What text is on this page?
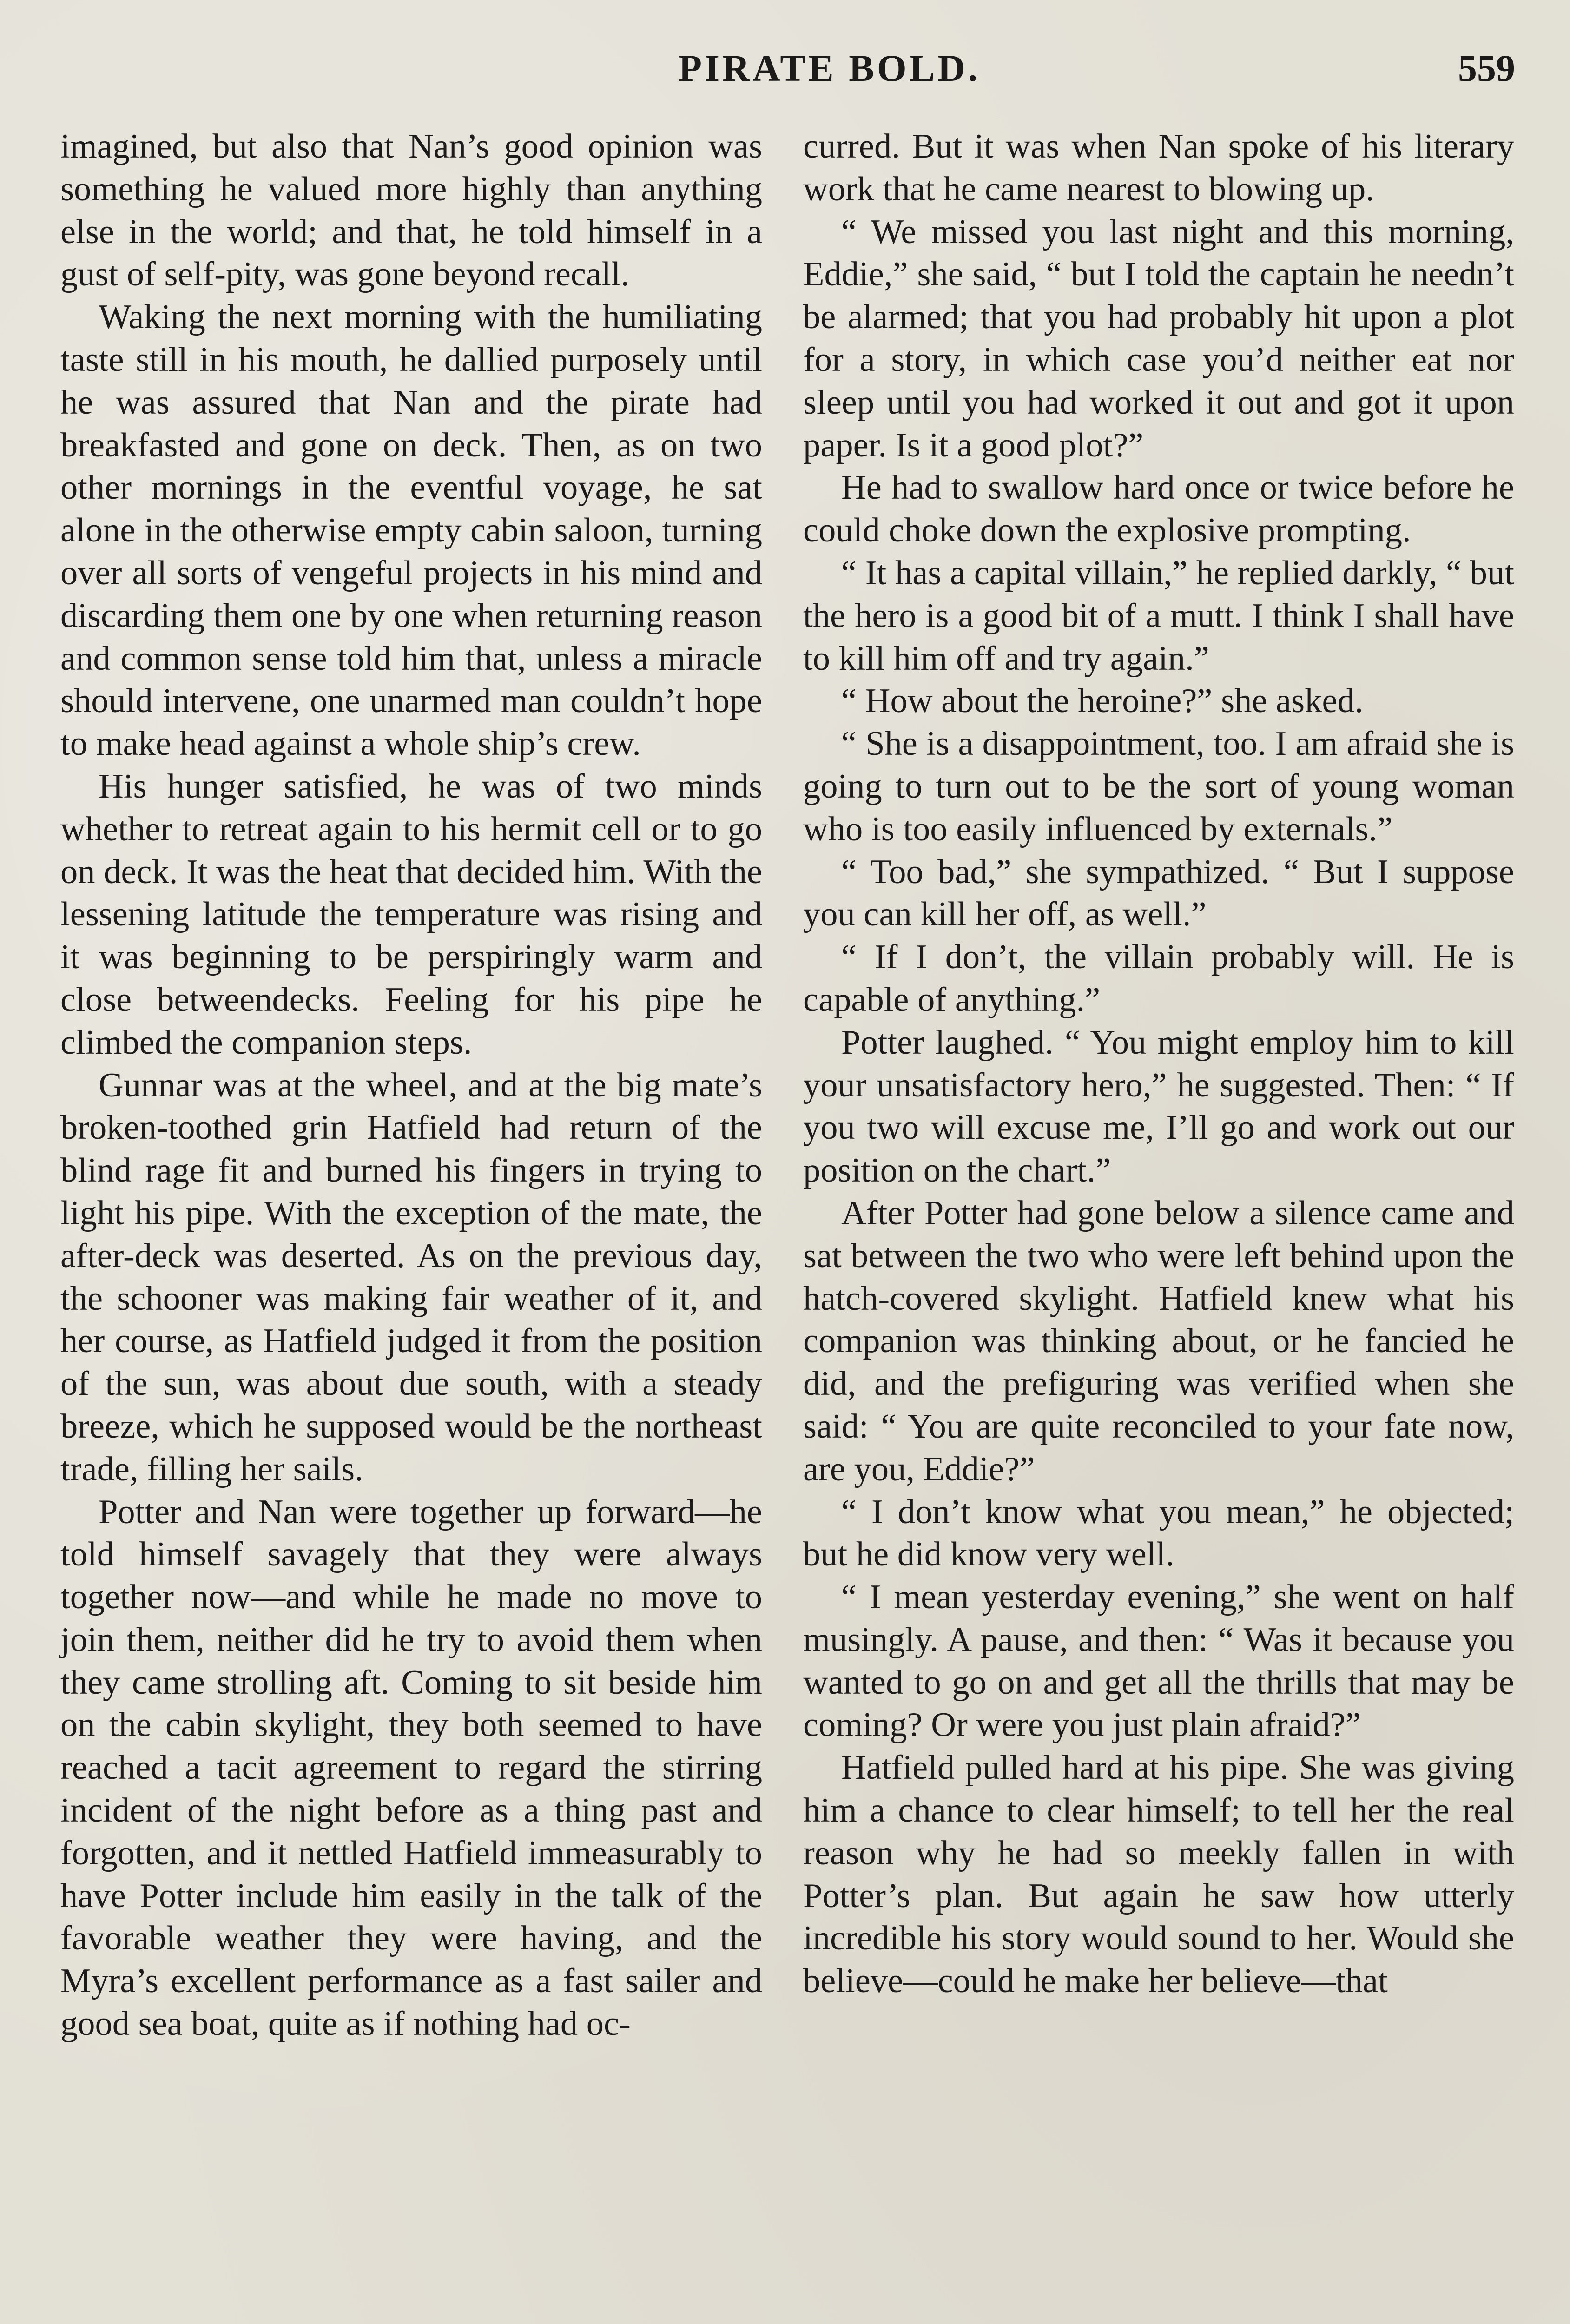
PIRATE BOLD.	559

imagined, but also that Nan’s good opinion was something he valued more highly than anything else in the world; and that, he told himself in a gust of self-pity, was gone beyond recall.

Waking the next morning with the humiliating taste still in his mouth, he dallied purposely until he was assured that Nan and the pirate had breakfasted and gone on deck. Then, as on two other mornings in the eventful voyage, he sat alone in the otherwise empty cabin saloon, turning over all sorts of vengeful projects in his mind and discarding them one by one when returning reason and common sense told him that, unless a miracle should intervene, one unarmed man couldn’t hope to make head against a whole ship’s crew.

His hunger satisfied, he was of two minds whether to retreat again to his hermit cell or to go on deck. It was the heat that decided him. With the lessening latitude the temperature was rising and it was beginning to be perspiringly warm and close betweendecks. Feeling for his pipe he climbed the companion steps.

Gunnar was at the wheel, and at the big mate’s broken-toothed grin Hatfield had return of the blind rage fit and burned his fingers in trying to light his pipe. With the exception of the mate, the after-deck was deserted. As on the previous day, the schooner was making fair weather of it, and her course, as Hatfield judged it from the position of the sun, was about due south, with a steady breeze, which he supposed would be the northeast trade, filling her sails.

Potter and Nan were together up forward—he told himself savagely that they were always together now—and while he made no move to join them, neither did he try to avoid them when they came strolling aft. Coming to sit beside him on the cabin skylight, they both seemed to have reached a tacit agreement to regard the stirring incident of the night before as a thing past and forgotten, and it nettled Hatfield immeasurably to have Potter include him easily in the talk of the favorable weather they were having, and the Myra’s excellent performance as a fast sailer and good sea boat, quite as if nothing had oc-

curred. But it was when Nan spoke of his literary work that he came nearest to blowing up.

“ We missed you last night and this morning, Eddie,” she said, “ but I told the captain he needn’t be alarmed; that you had probably hit upon a plot for a story, in which case you’d neither eat nor sleep until you had worked it out and got it upon paper. Is it a good plot?”

He had to swallow hard once or twice before he could choke down the explosive prompting.

“ It has a capital villain,” he replied darkly, “ but the hero is a good bit of a mutt. I think I shall have to kill him off and try again.”

“ How about the heroine?” she asked.

“ She is a disappointment, too. I am afraid she is going to turn out to be the sort of young woman who is too easily influenced by externals.”

“ Too bad,” she sympathized. “ But I suppose you can kill her off, as well.”

“ If I don’t, the villain probably will. He is capable of anything.”

Potter laughed. “ You might employ him to kill your unsatisfactory hero,” he suggested. Then: “ If you two will excuse me, I’ll go and work out our position on the chart.”

After Potter had gone below a silence came and sat between the two who were left behind upon the hatch-covered skylight. Hatfield knew what his companion was thinking about, or he fancied he did, and the prefiguring was verified when she said: “ You are quite reconciled to your fate now, are you, Eddie?”

“ I don’t know what you mean,” he objected; but he did know very well.

“ I mean yesterday evening,” she went on half musingly. A pause, and then: “ Was it because you wanted to go on and get all the thrills that may be coming? Or were you just plain afraid?”

Hatfield pulled hard at his pipe. She was giving him a chance to clear himself; to tell her the real reason why he had so meekly fallen in with Potter’s plan. But again he saw how utterly incredible his story would sound to her. Would she believe—could he make her believe—that
